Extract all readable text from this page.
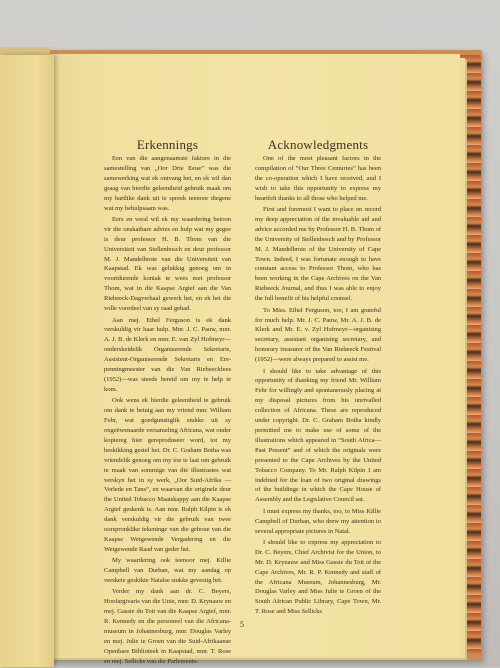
Erkennings	Acknowledgments

Een van die aangenaamste faktore in die samestelling van „Oor Drie Eeue” was die samewerking wat ek ontvang het, en ek wil dan graag van hierdie geleentheid gebruik maak om my hartlike dank uit te spreek teenoor diegene wat my behulpsaam was.

Eers en veral wil ek my waardering betoon vir die onskatbare advies en hulp wat my gegee is deur professor H. B. Thom van die Universiteit van Stellenbosch en deur professor M. J. Mandelbrote van die Universiteit van Kaapstad. Ek was gelukkig genoeg om in voortdurende kontak te wees met professor Thom, wat in die Kaapse Argief aan die Van Riebeeck-Dagverhaal gewerk het, en ek het die volle voordeel van sy raad gehad.

Aan mej. Ethel Ferguson is ek dank verskuldig vir haar hulp. Mnr. J. C. Pauw, mnr. A. J. B. de Klerk en mnr. E. van Zyl Hofmeyr—onderskeidelik Organiserende Sekretaris, Assistent-Organiserende Sekretaris en Ere-penningmeester van die Van Riebeeckfees (1952)—was steeds bereid om my te help te kom.

Ook wens ek hierdie geleentheid te gebruik om dank te betuig aan my vriend mnr. William Fehr, wat goedgunstiglik stukke uit sy ongeëwenaarde versameling Africana, wat onder kopiereg hier gereproduseer word, tot my beskikking gestel het. Dr. C. Graham Botha was vriendelik genoeg om my toe te laat om gebruik te maak van sommige van die illustrasies wat verskyn het in sy werk, „Oor Suid-Afrika —Verlede en Tans”, en waarvan die originele deur the United Tobacco Maatskappy aan die Kaapse Argief geskenk is. Aan mnr. Ralph Kilpin is ek dank verskuldig vir die gebruik van twee oorspronklike tekeninge van die geboue van die Kaapse Wetgewende Vergadering en die Wetgewende Raad van geder het.

My waardering ook teenoor mej. Killie Campbell van Durban, wat my aandag op verskeie geskikte Natalse stukke gevestig het.

Verder my dank aan dr. C. Beyers, Hoofargivaris van die Unie, mnr. D. Krynauw en mej. Gassie du Toit van die Kaapse Argief, mnr. R. Kennedy en die personeel van die Africana-museum in Johannesburg, mnr. Douglas Varley en mej. Julie te Groen van die Suid-Afrikaanse Openbare Biblioteek in Kaapstad, mnr. T. Rose en mej. Sellicks van die Parlements-

One of the most pleasant factors in the compilation of “Our Three Centuries” has been the co-operation which I have received, and I wish to take this opportunity to express my heartfelt thanks to all those who helped me.

First and foremost I want to place on record my deep appreciation of the invaluable aid and advice accorded me by Professor H. B. Thom of the University of Stellenbosch and by Professor M. J. Mandelbrote of the University of Cape Town. Indeed, I was fortunate enough to have constant access to Professor Thom, who has been working in the Cape Archives on the Van Riebeeck Journal, and thus I was able to enjoy the full benefit of his helpful counsel.

To Miss. Ethel Ferguson, too, I am grateful for much help. Mr. J. C. Pauw, Mr. A. J. B. de Klerk and Mr. E. v. Zyl Hofmeyr—organising secretary, assistant organising secretary, and honorary treasurer of the Van Riebeeck Festival (1952)—were always prepared to assist me.

I should like to take advantage of this opportunity of thanking my friend Mr. William Fehr for willingly and spontaneously placing at my disposal pictures from his unrivalled collection of Africana. These are reproduced under copyright. Dr. C. Graham Botha kindly permitted me to make use of some of the illustrations which appeared in “South Africa—Past Present” and of which the originals were presented to the Cape Archives by the United Tobacco Company. To Mr. Ralph Kilpin I am indebted for the loan of two original drawings of the buildings in which the Cape House of Assembly and the Legislative Council sat.

I must express my thanks, too, to Miss Killie Campbell of Durban, who drew my attention to several appropriate pictures in Natal.

I should like to express my appreciation to Dr. C. Beyers, Chief Archivist for the Union, to Mr. D. Krynauw and Miss Gassie du Toit of the Cape Archives, Mr. R. P. Kennedy and staff of the Africana Museum, Johannesburg, Mr. Douglas Varley and Miss Julie te Groen of the South African Public Library, Cape Town, Mr. T. Rose and Miss Sellicks

5
